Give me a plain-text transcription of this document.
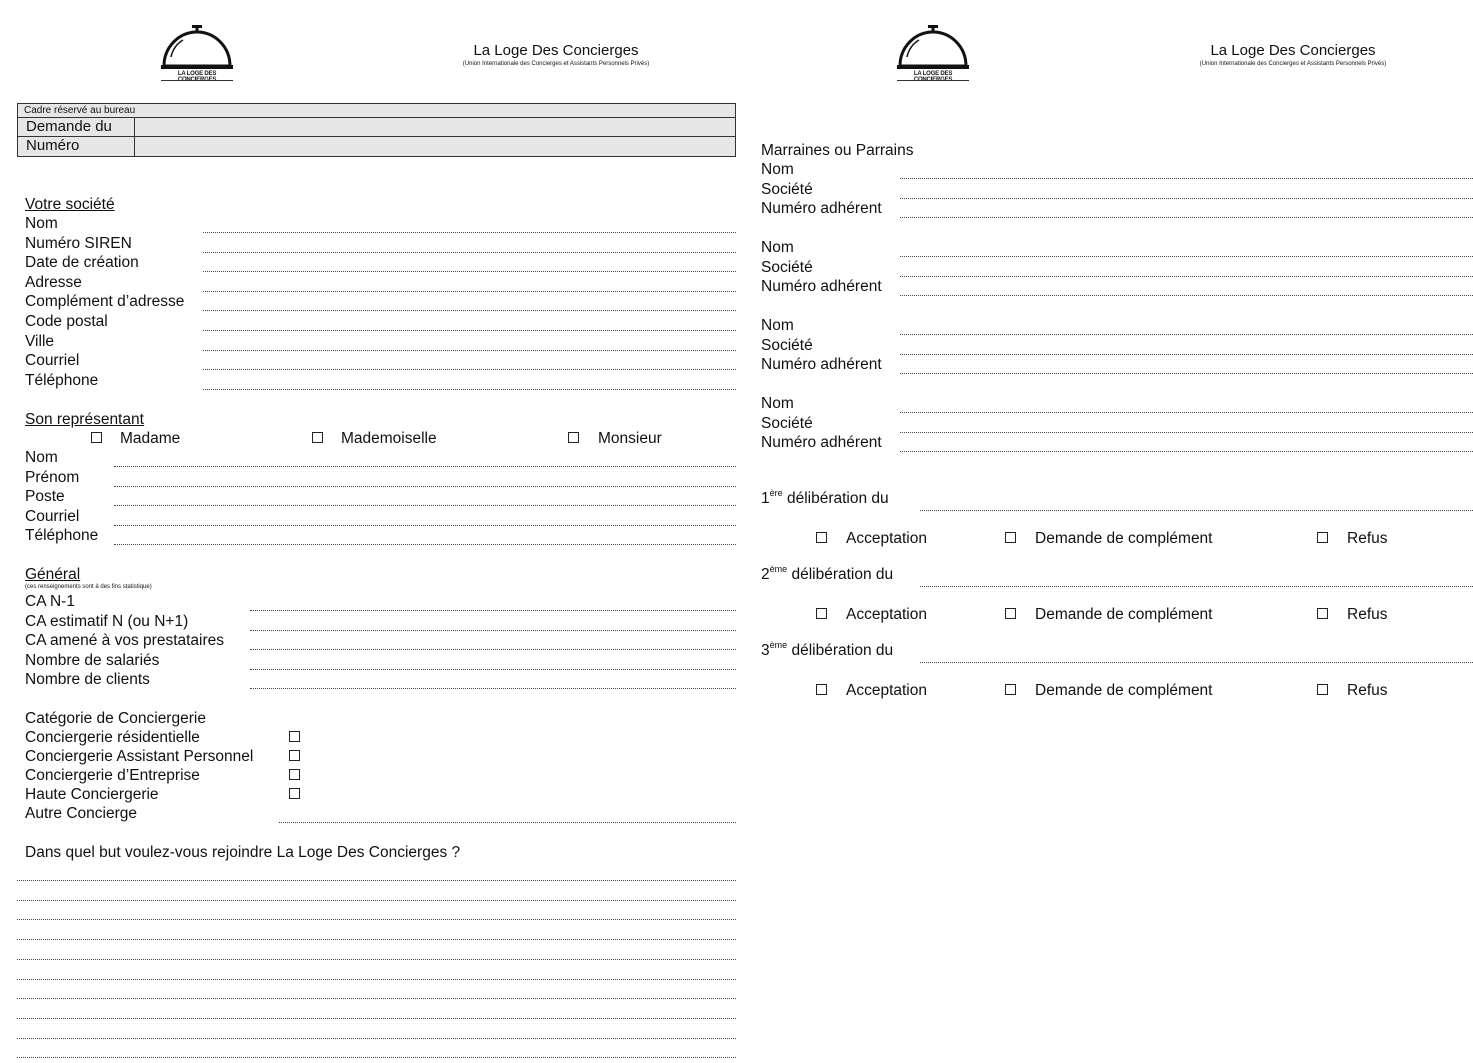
LA LOGE DES CONCIERGES
La Loge Des Concierges
(Union Internationale des Concierges et Assistants Personnels Privés)
Cadre réservé au bureau
Demande du
Numéro
Votre société
Nom
Numéro SIREN
Date de création
Adresse
Complément d’adresse
Code postal
Ville
Courriel
Téléphone
Son représentant
Madame	Mademoiselle	Monsieur
Nom
Prénom
Poste
Courriel
Téléphone
Général
(ces renseignements sont à des fins statistique)
CA N-1
CA estimatif N (ou N+1)
CA amené à vos prestataires
Nombre de salariés
Nombre de clients
Catégorie de Conciergerie
Conciergerie résidentielle
Conciergerie Assistant Personnel
Conciergerie d’Entreprise
Haute Conciergerie
Autre Concierge
Dans quel but voulez-vous rejoindre La Loge Des Concierges ?
LA LOGE DES CONCIERGES
La Loge Des Concierges
(Union Internationale des Concierges et Assistants Personnels Privés)
Marraines ou Parrains
Nom
Société
Numéro adhérent
Nom
Société
Numéro adhérent
Nom
Société
Numéro adhérent
Nom
Société
Numéro adhérent
1ère délibération du
Acceptation	Demande de complément	Refus
2ème délibération du
Acceptation	Demande de complément	Refus
3ème délibération du
Acceptation	Demande de complément	Refus
